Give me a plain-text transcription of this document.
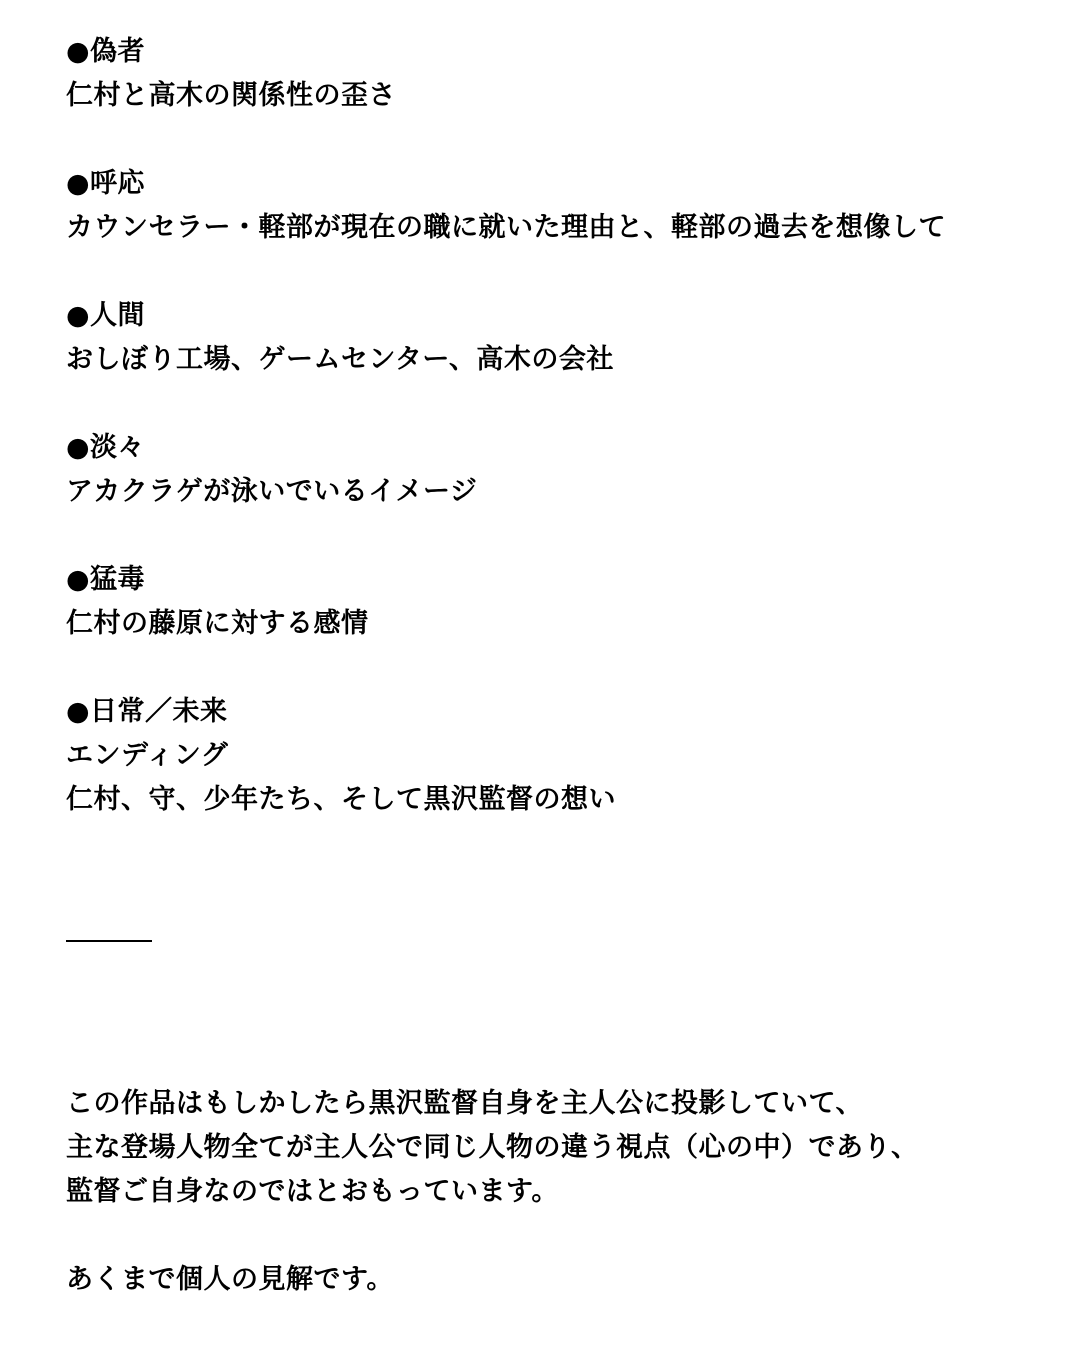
●偽者
仁村と高木の関係性の歪さ
●呼応
カウンセラー・軽部が現在の職に就いた理由と、軽部の過去を想像して
●人間
おしぼり工場、ゲームセンター、高木の会社
●淡々
アカクラゲが泳いでいるイメージ
●猛毒
仁村の藤原に対する感情
●日常／未来
エンディング
仁村、守、少年たち、そして黒沢監督の想い
この作品はもしかしたら黒沢監督自身を主人公に投影していて、
主な登場人物全てが主人公で同じ人物の違う視点（心の中）であり、
監督ご自身なのではとおもっています。
あくまで個人の見解です。
